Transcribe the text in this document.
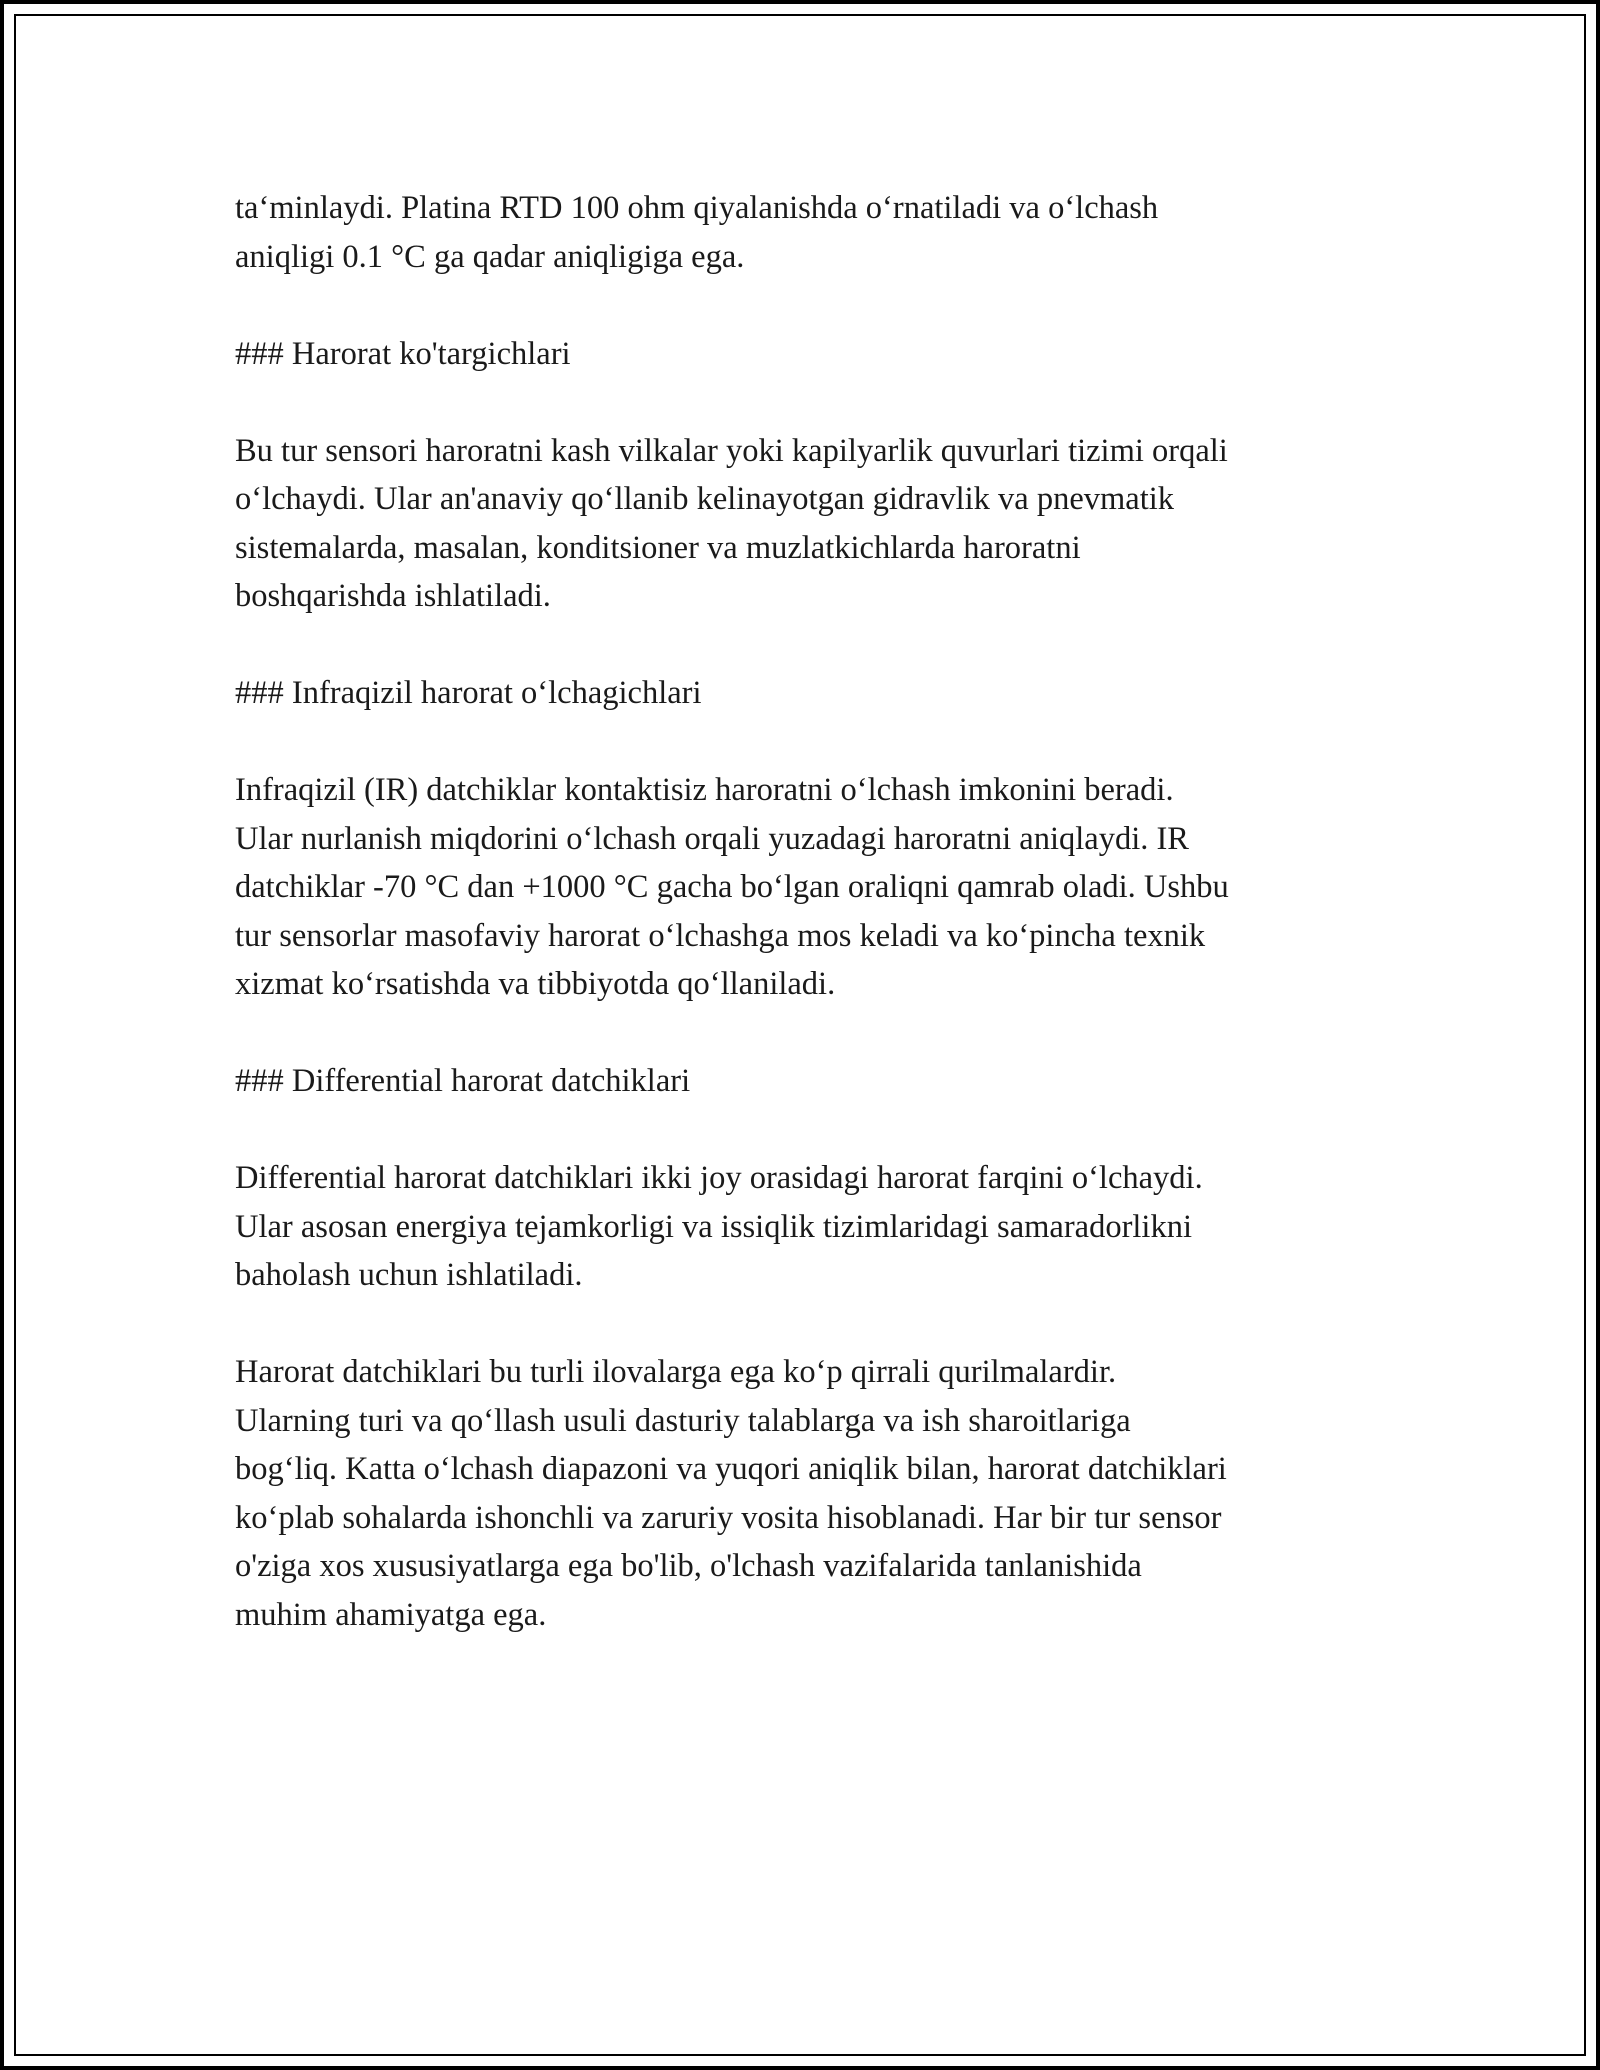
ta‘minlaydi. Platina RTD 100 ohm qiyalanishda o‘rnatiladi va o‘lchash
aniqligi 0.1 °C ga qadar aniqligiga ega.
### Harorat ko'targichlari
Bu tur sensori haroratni kash vilkalar yoki kapilyarlik quvurlari tizimi orqali
o‘lchaydi. Ular an'anaviy qo‘llanib kelinayotgan gidravlik va pnevmatik
sistemalarda, masalan, konditsioner va muzlatkichlarda haroratni
boshqarishda ishlatiladi.
### Infraqizil harorat o‘lchagichlari
Infraqizil (IR) datchiklar kontaktisiz haroratni o‘lchash imkonini beradi.
Ular nurlanish miqdorini o‘lchash orqali yuzadagi haroratni aniqlaydi. IR
datchiklar -70 °C dan +1000 °C gacha bo‘lgan oraliqni qamrab oladi. Ushbu
tur sensorlar masofaviy harorat o‘lchashga mos keladi va ko‘pincha texnik
xizmat ko‘rsatishda va tibbiyotda qo‘llaniladi.
### Differential harorat datchiklari
Differential harorat datchiklari ikki joy orasidagi harorat farqini o‘lchaydi.
Ular asosan energiya tejamkorligi va issiqlik tizimlaridagi samaradorlikni
baholash uchun ishlatiladi.
Harorat datchiklari bu turli ilovalarga ega ko‘p qirrali qurilmalardir.
Ularning turi va qo‘llash usuli dasturiy talablarga va ish sharoitlariga
bog‘liq. Katta o‘lchash diapazoni va yuqori aniqlik bilan, harorat datchiklari
ko‘plab sohalarda ishonchli va zaruriy vosita hisoblanadi. Har bir tur sensor
o'ziga xos xususiyatlarga ega bo'lib, o'lchash vazifalarida tanlanishida
muhim ahamiyatga ega.
